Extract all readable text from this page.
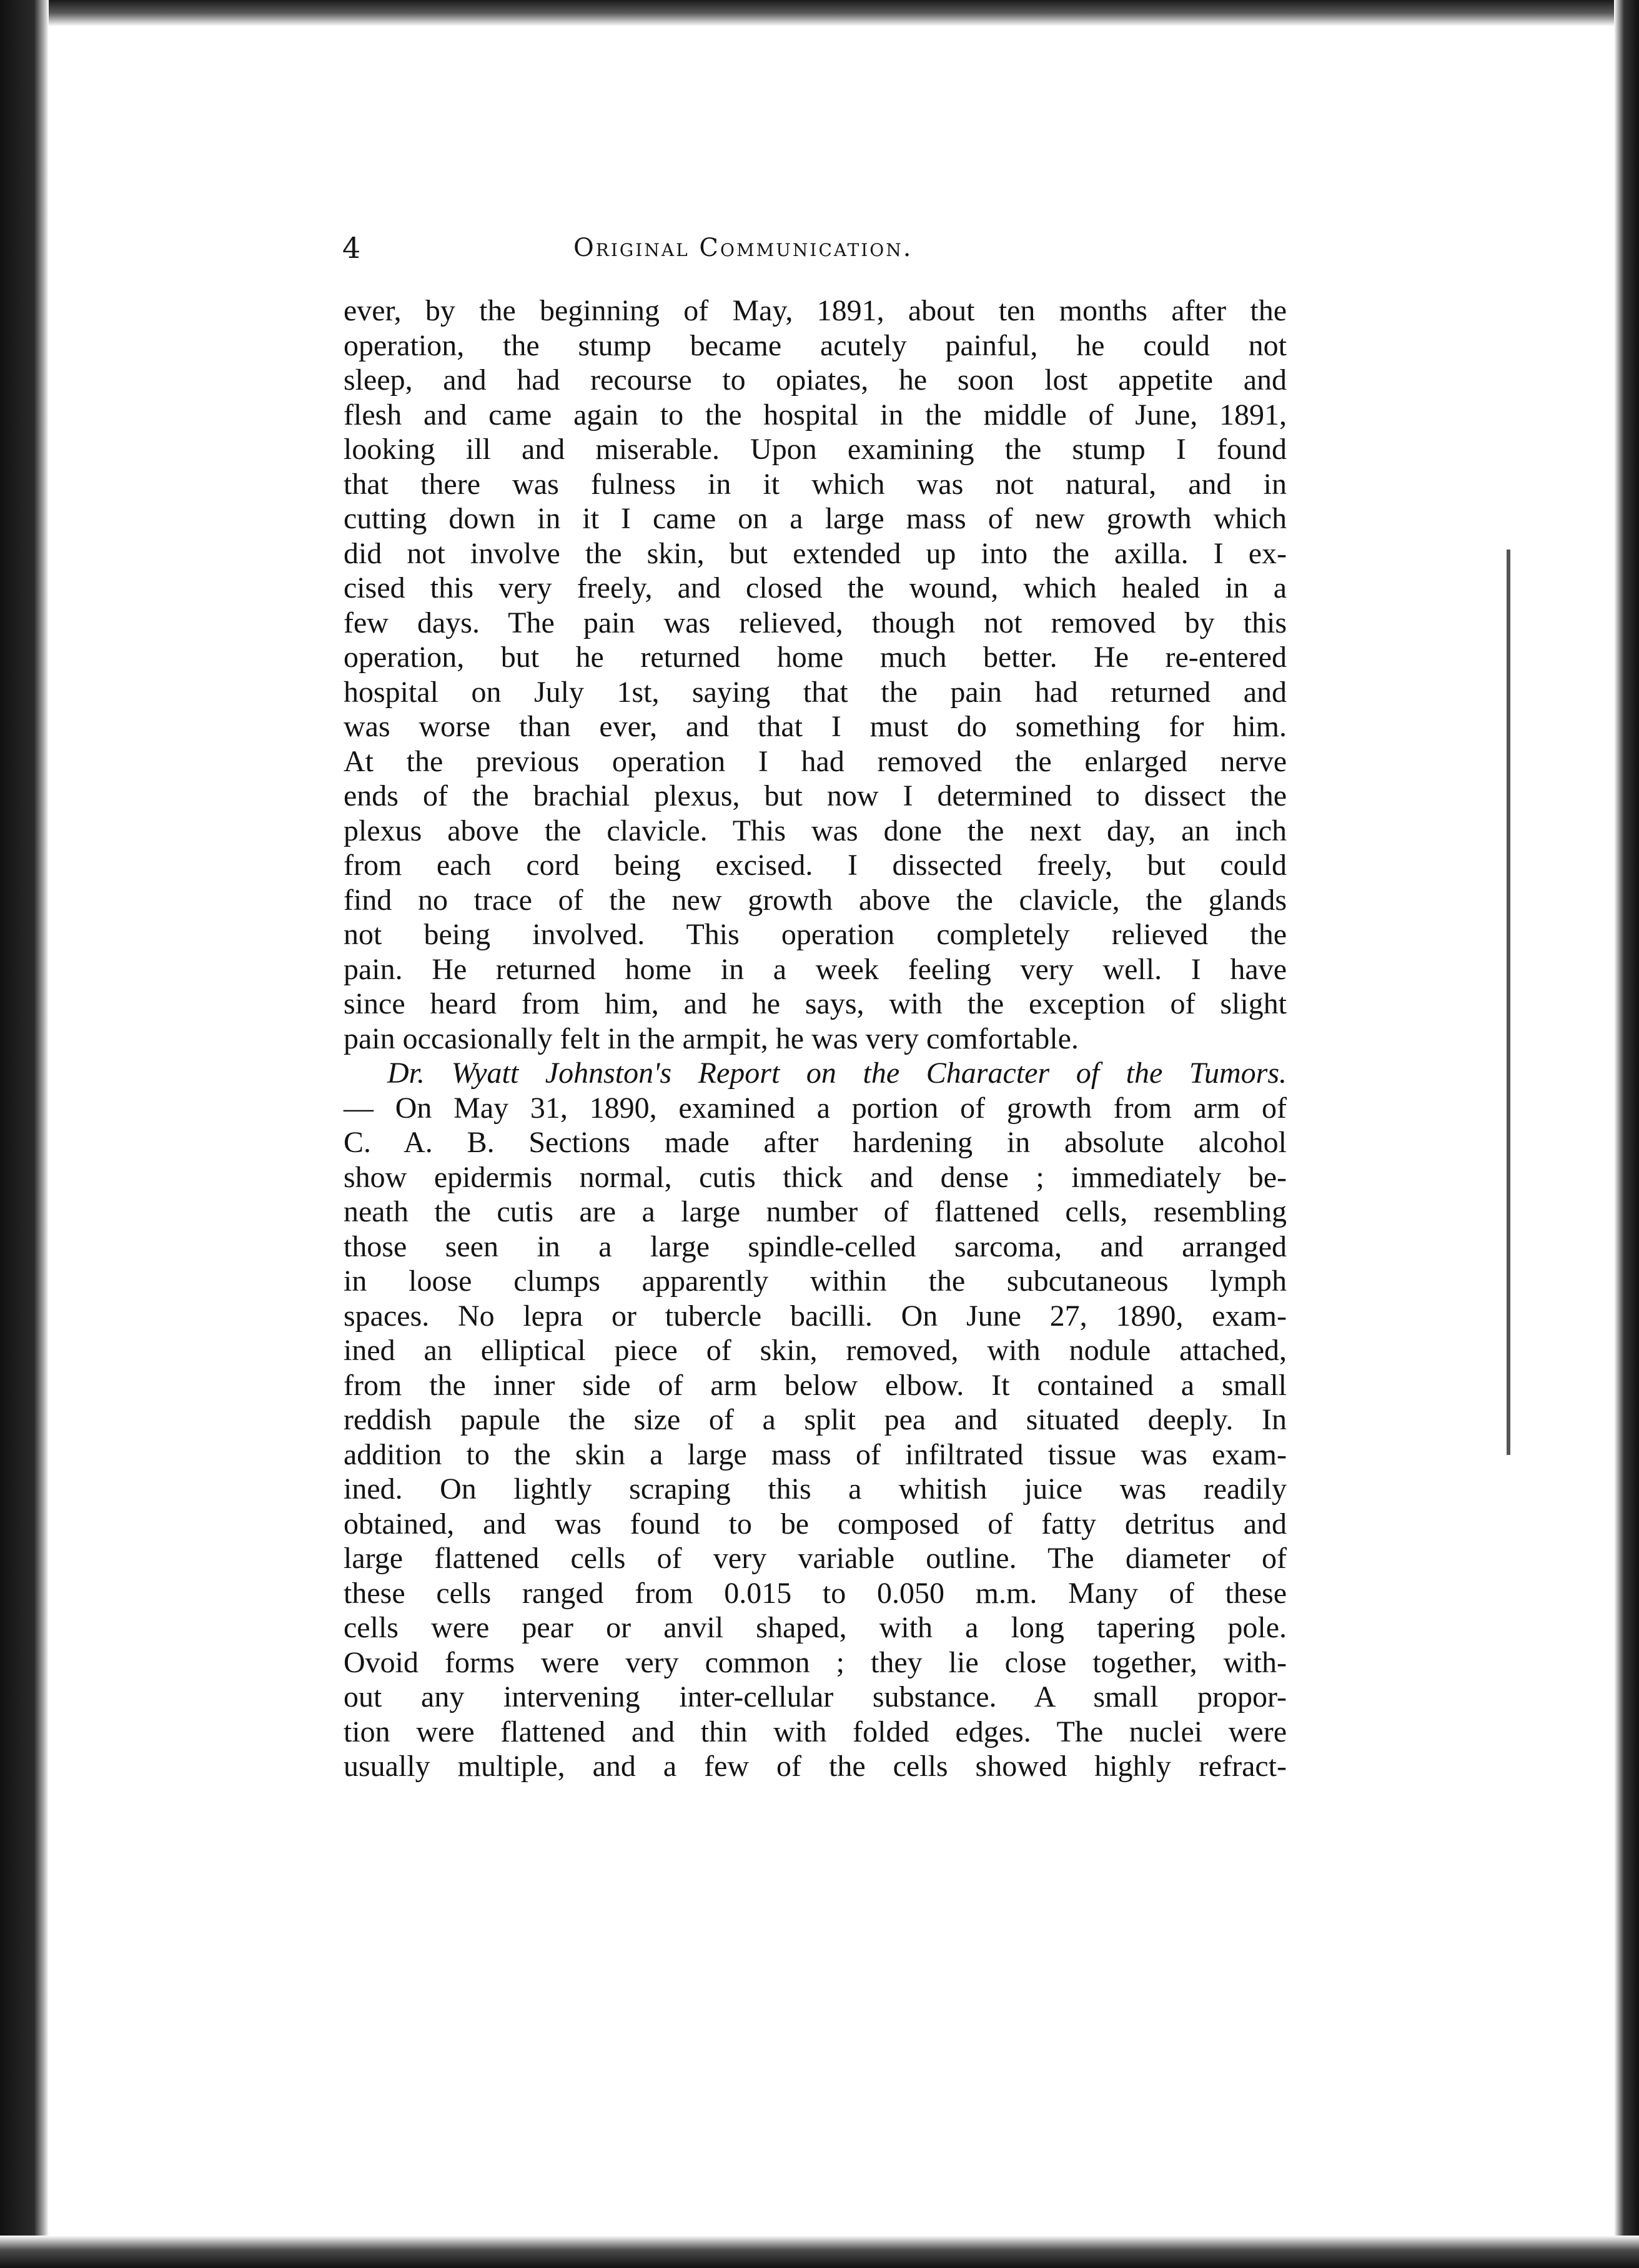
4	Original Communication.
ever, by the beginning of May, 1891, about ten months after the
operation, the stump became acutely painful, he could not
sleep, and had recourse to opiates, he soon lost appetite and
flesh and came again to the hospital in the middle of June, 1891,
looking ill and miserable. Upon examining the stump I found
that there was fulness in it which was not natural, and in
cutting down in it I came on a large mass of new growth which
did not involve the skin, but extended up into the axilla. I ex-
cised this very freely, and closed the wound, which healed in a
few days. The pain was relieved, though not removed by this
operation, but he returned home much better. He re-entered
hospital on July 1st, saying that the pain had returned and
was worse than ever, and that I must do something for him.
At the previous operation I had removed the enlarged nerve
ends of the brachial plexus, but now I determined to dissect the
plexus above the clavicle. This was done the next day, an inch
from each cord being excised. I dissected freely, but could
find no trace of the new growth above the clavicle, the glands
not being involved. This operation completely relieved the
pain. He returned home in a week feeling very well. I have
since heard from him, and he says, with the exception of slight
pain occasionally felt in the armpit, he was very comfortable.
Dr. Wyatt Johnston's Report on the Character of the Tumors.
— On May 31, 1890, examined a portion of growth from arm of
C. A. B. Sections made after hardening in absolute alcohol
show epidermis normal, cutis thick and dense ; immediately be-
neath the cutis are a large number of flattened cells, resembling
those seen in a large spindle-celled sarcoma, and arranged
in loose clumps apparently within the subcutaneous lymph
spaces. No lepra or tubercle bacilli. On June 27, 1890, exam-
ined an elliptical piece of skin, removed, with nodule attached,
from the inner side of arm below elbow. It contained a small
reddish papule the size of a split pea and situated deeply. In
addition to the skin a large mass of infiltrated tissue was exam-
ined. On lightly scraping this a whitish juice was readily
obtained, and was found to be composed of fatty detritus and
large flattened cells of very variable outline. The diameter of
these cells ranged from 0.015 to 0.050 m.m. Many of these
cells were pear or anvil shaped, with a long tapering pole.
Ovoid forms were very common ; they lie close together, with-
out any intervening inter-cellular substance. A small propor-
tion were flattened and thin with folded edges. The nuclei were
usually multiple, and a few of the cells showed highly refract-
